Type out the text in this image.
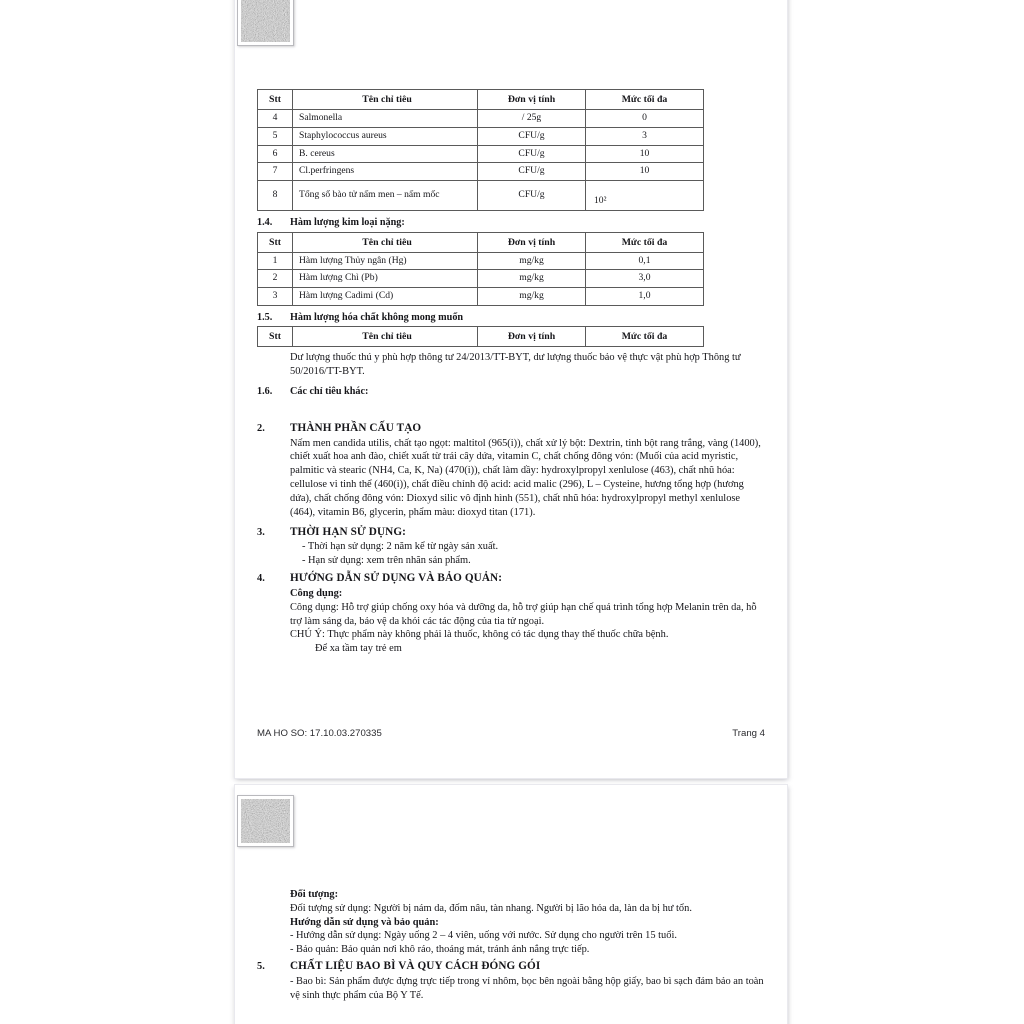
Stt	Tên chỉ tiêu	Đơn vị tính	Mức tối đa
4	Salmonella	/ 25g	0
5	Staphylococcus aureus	CFU/g	3
6	B. cereus	CFU/g	10
7	Cl.perfringens	CFU/g	10
8	Tổng số bào tử nấm men – nấm mốc	CFU/g	10²
1.4.	Hàm lượng kim loại nặng:
Stt	Tên chỉ tiêu	Đơn vị tính	Mức tối đa
1	Hàm lượng Thủy ngân (Hg)	mg/kg	0,1
2	Hàm lượng Chì (Pb)	mg/kg	3,0
3	Hàm lượng Cadimi (Cd)	mg/kg	1,0
1.5.	Hàm lượng hóa chất không mong muốn
Stt	Tên chỉ tiêu	Đơn vị tính	Mức tối đa
Dư lượng thuốc thú y phù hợp thông tư 24/2013/TT-BYT, dư lượng thuốc bảo vệ thực vật phù hợp Thông tư 50/2016/TT-BYT.
1.6.	Các chỉ tiêu khác:
2.	THÀNH PHẦN CẤU TẠO
Nấm men candida utilis, chất tạo ngọt: maltitol (965(i)), chất xử lý bột: Dextrin, tinh bột rang trắng, vàng (1400), chiết xuất hoa anh đào, chiết xuất từ trái cây dứa, vitamin C, chất chống đông vón: (Muối của acid myristic, palmitic và stearic (NH4, Ca, K, Na) (470(i)), chất làm dầy: hydroxylpropyl xenlulose (463), chất nhũ hóa: cellulose vi tinh thể (460(i)), chất điều chỉnh độ acid: acid malic (296), L – Cysteine, hương tổng hợp (hương dứa), chất chống đông vón: Dioxyd silic vô định hình (551), chất nhũ hóa: hydroxylpropyl methyl xenlulose (464), vitamin B6, glycerin, phẩm màu: dioxyd titan (171).
3.	THỜI HẠN SỬ DỤNG:
- Thời hạn sử dụng: 2 năm kể từ ngày sản xuất.
- Hạn sử dụng: xem trên nhãn sản phẩm.
4.	HƯỚNG DẪN SỬ DỤNG VÀ BẢO QUẢN:
Công dụng:
Công dụng: Hỗ trợ giúp chống oxy hóa và dưỡng da, hỗ trợ giúp hạn chế quá trình tổng hợp Melanin trên da, hỗ trợ làm sáng da, bảo vệ da khỏi các tác động của tia tử ngoại.
CHÚ Ý: Thực phẩm này không phải là thuốc, không có tác dụng thay thế thuốc chữa bệnh.
Để xa tầm tay trẻ em
MA HO SO: 17.10.03.270335	Trang 4
Đối tượng:
Đối tượng sử dụng: Người bị nám da, đốm nâu, tàn nhang. Người bị lão hóa da, làn da bị hư tổn.
Hướng dẫn sử dụng và bảo quản:
- Hướng dẫn sử dụng: Ngày uống 2 – 4 viên, uống với nước. Sử dụng cho người trên 15 tuổi.
- Bảo quản: Bảo quản nơi khô ráo, thoáng mát, tránh ánh nắng trực tiếp.
5.	CHẤT LIỆU BAO BÌ VÀ QUY CÁCH ĐÓNG GÓI
- Bao bì: Sản phẩm được đựng trực tiếp trong vỉ nhôm, bọc bên ngoài bằng hộp giấy, bao bì sạch đảm bảo an toàn vệ sinh thực phẩm của Bộ Y Tế.
